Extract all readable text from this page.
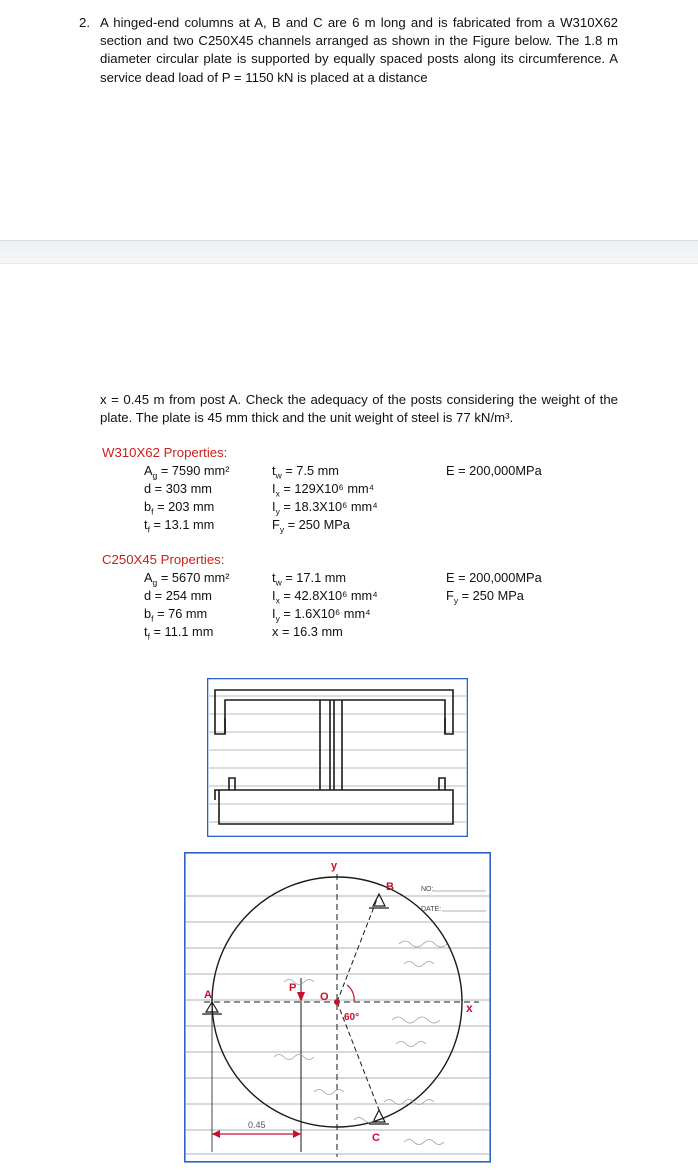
2. A hinged-end columns at A, B and C are 6 m long and is fabricated from a W310X62 section and two C250X45 channels arranged as shown in the Figure below. The 1.8 m diameter circular plate is supported by equally spaced posts along its circumference. A service dead load of P = 1150 kN is placed at a distance

x = 0.45 m from post A. Check the adequacy of the posts considering the weight of the plate. The plate is 45 mm thick and the unit weight of steel is 77 kN/m³.

W310X62 Properties:
$A_g = 7590$ mm²
d = 303 mm
$b_f = 203$ mm
$t_f = 13.1$ mm
$t_w = 7.5$ mm
$I_x = 129X10^6$ mm⁴
$I_y = 18.3X10^6$ mm⁴
$F_y = 250$ MPa
E = 200,000MPa
C250X45 Properties:
$A_g = 5670$ mm²
d = 254 mm
$b_f = 76$ mm
$t_f = 11.1$ mm
$t_w = 17.1$ mm
$I_x = 42.8X10^6$ mm⁴
$I_y = 1.6X10^6$ mm⁴
x = 16.3 mm
E = 200,000MPa
$F_y = 250$ MPa
NO:
DATE:
y
x
A
B
C
60°
O
P
0.45
